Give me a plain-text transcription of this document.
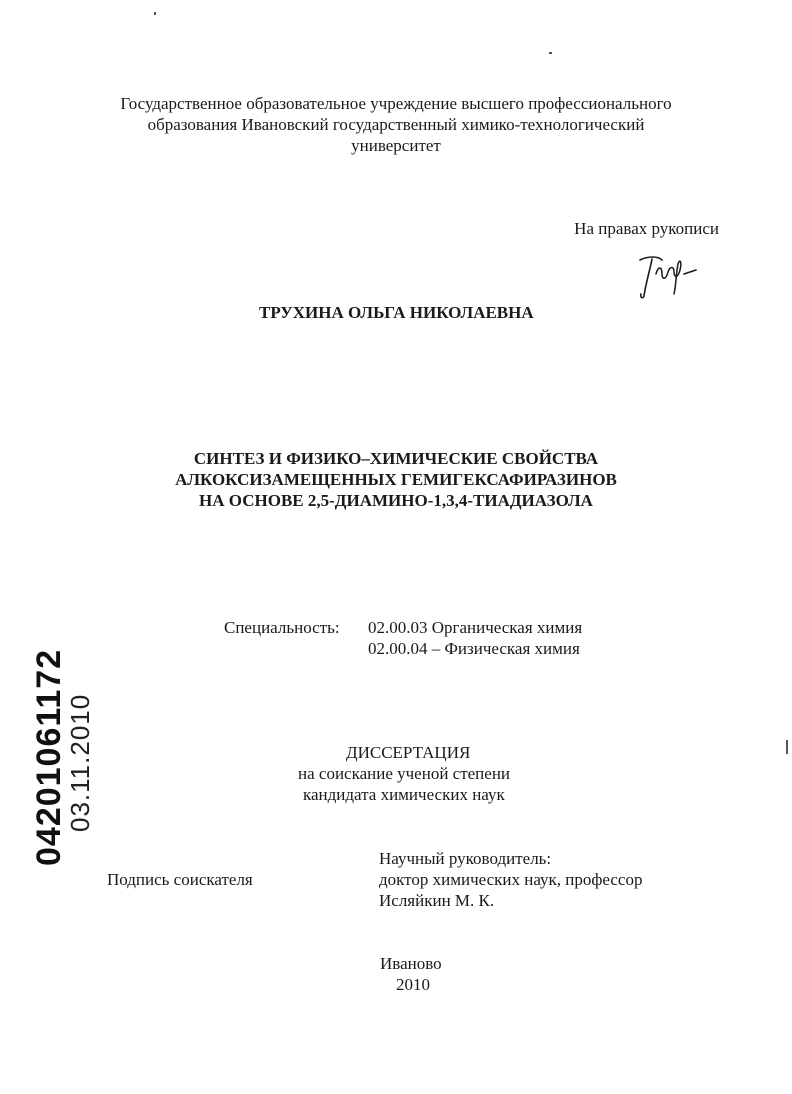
Государственное образовательное учреждение высшего профессионального
образования Ивановский государственный химико-технологический
университет
На правах рукописи
ТРУХИНА ОЛЬГА НИКОЛАЕВНА
СИНТЕЗ И ФИЗИКО–ХИМИЧЕСКИЕ СВОЙСТВА
АЛКОКСИЗАМЕЩЕННЫХ ГЕМИГЕКСАФИРАЗИНОВ
НА ОСНОВЕ 2,5-ДИАМИНО-1,3,4-ТИАДИАЗОЛА
Специальность: 02.00.03 Органическая химия
02.00.04 – Физическая химия
ДИССЕРТАЦИЯ
на соискание ученой степени
кандидата химических наук
Подпись соискателя
Научный руководитель:
доктор химических наук, профессор
Исляйкин М. К.
Иваново
2010
04201061172
03.11.2010
